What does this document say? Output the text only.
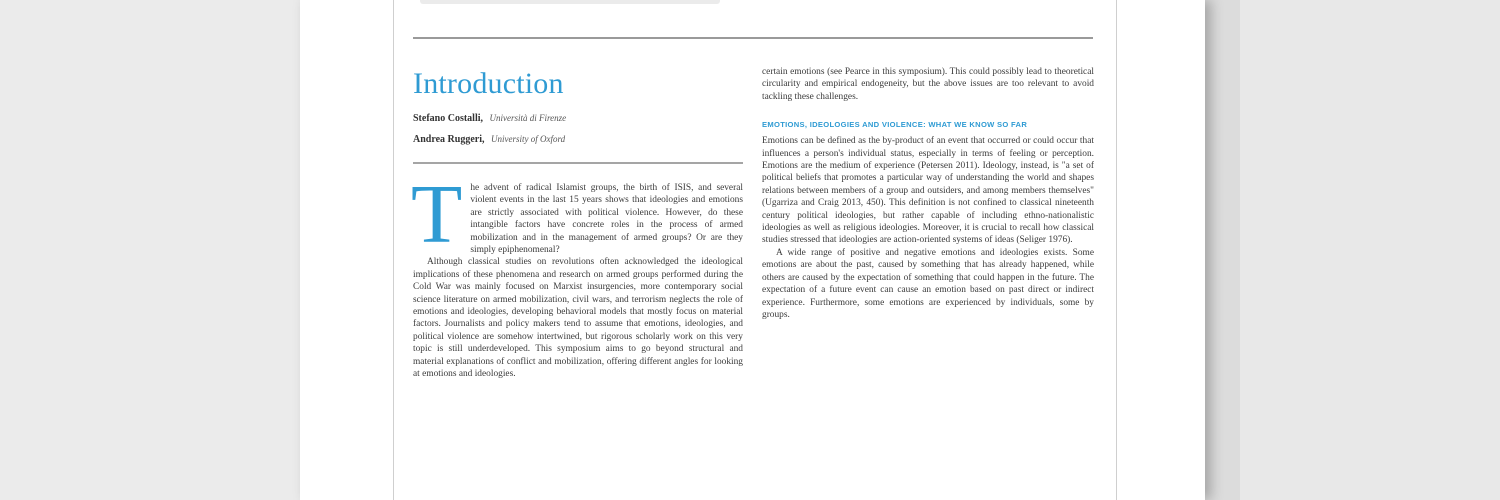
Introduction

Stefano Costalli, Università di Firenze

Andrea Ruggeri, University of Oxford

T he advent of radical Islamist groups, the birth of ISIS, and several violent events in the last 15 years shows that ideologies and emotions are strictly associated with political violence. However, do these intangible factors have concrete roles in the process of armed mobilization and in the management of armed groups? Or are they simply epiphenomenal?

Although classical studies on revolutions often acknowledged the ideological implications of these phenomena and research on armed groups performed during the Cold War was mainly focused on Marxist insurgencies, more contemporary social science literature on armed mobilization, civil wars, and terrorism neglects the role of emotions and ideologies, developing behavioral models that mostly focus on material factors. Journalists and policy makers tend to assume that emotions, ideologies, and political violence are somehow intertwined, but rigorous scholarly work on this very topic is still underdeveloped. This symposium aims to go beyond structural and material explanations of conflict and mobilization, offering different angles for looking at emotions and ideologies.

certain emotions (see Pearce in this symposium). This could possibly lead to theoretical circularity and empirical endogeneity, but the above issues are too relevant to avoid tackling these challenges.

EMOTIONS, IDEOLOGIES AND VIOLENCE: WHAT WE KNOW SO FAR

Emotions can be defined as the by-product of an event that occurred or could occur that influences a person's individual status, especially in terms of feeling or perception. Emotions are the medium of experience (Petersen 2011). Ideology, instead, is "a set of political beliefs that promotes a particular way of understanding the world and shapes relations between members of a group and outsiders, and among members themselves" (Ugarriza and Craig 2013, 450). This definition is not confined to classical nineteenth century political ideologies, but rather capable of including ethno-nationalistic ideologies as well as religious ideologies. Moreover, it is crucial to recall how classical studies stressed that ideologies are action-oriented systems of ideas (Seliger 1976).

A wide range of positive and negative emotions and ideologies exists. Some emotions are about the past, caused by something that has already happened, while others are caused by the expectation of something that could happen in the future. The expectation of a future event can cause an emotion based on past direct or indirect experience. Furthermore, some emotions are experienced by individuals, some by groups.
